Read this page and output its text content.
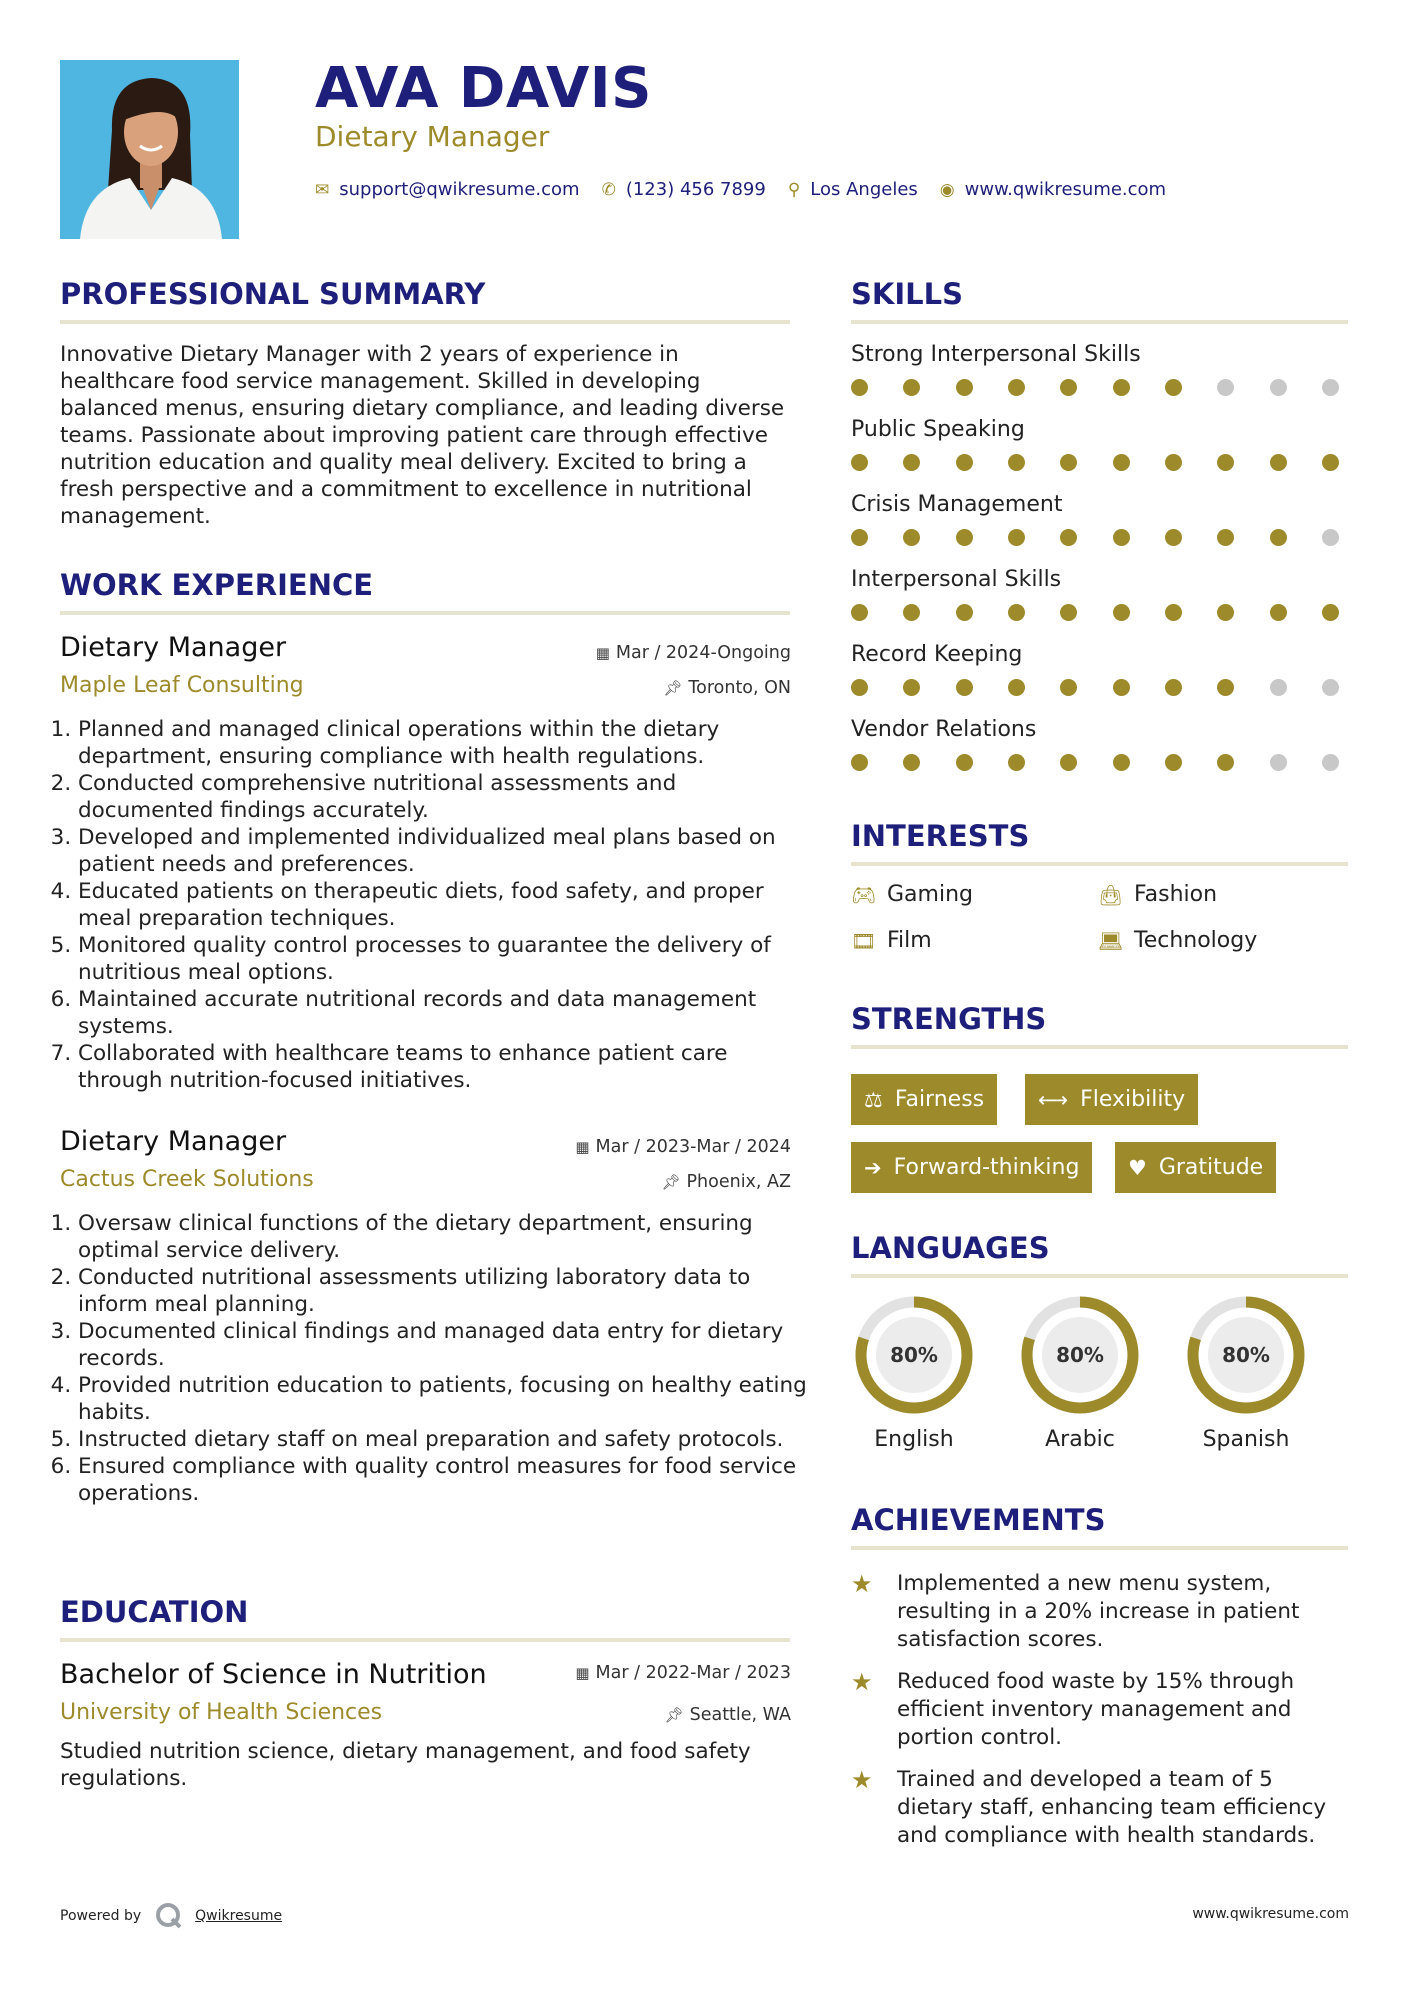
AVA DAVIS
Dietary Manager
✉ support@qwikresume.com ✆ (123) 456 7899 ⚲ Los Angeles ◉ www.qwikresume.com
PROFESSIONAL SUMMARY
Innovative Dietary Manager with 2 years of experience in healthcare food service management. Skilled in developing balanced menus, ensuring dietary compliance, and leading diverse teams. Passionate about improving patient care through effective nutrition education and quality meal delivery. Excited to bring a fresh perspective and a commitment to excellence in nutritional management.
WORK EXPERIENCE
Dietary Manager
Maple Leaf Consulting
▦ Mar / 2024-Ongoing
📌︎ Toronto, ON
1. Planned and managed clinical operations within the dietary department, ensuring compliance with health regulations.
2. Conducted comprehensive nutritional assessments and documented findings accurately.
3. Developed and implemented individualized meal plans based on patient needs and preferences.
4. Educated patients on therapeutic diets, food safety, and proper meal preparation techniques.
5. Monitored quality control processes to guarantee the delivery of nutritious meal options.
6. Maintained accurate nutritional records and data management systems.
7. Collaborated with healthcare teams to enhance patient care through nutrition-focused initiatives.
Dietary Manager
Cactus Creek Solutions
▦ Mar / 2023-Mar / 2024
📌︎ Phoenix, AZ
1. Oversaw clinical functions of the dietary department, ensuring optimal service delivery.
2. Conducted nutritional assessments utilizing laboratory data to inform meal planning.
3. Documented clinical findings and managed data entry for dietary records.
4. Provided nutrition education to patients, focusing on healthy eating habits.
5. Instructed dietary staff on meal preparation and safety protocols.
6. Ensured compliance with quality control measures for food service operations.
EDUCATION
Bachelor of Science in Nutrition
University of Health Sciences
▦ Mar / 2022-Mar / 2023
📌︎ Seattle, WA
Studied nutrition science, dietary management, and food safety regulations.
SKILLS
Strong Interpersonal Skills
Public Speaking
Crisis Management
Interpersonal Skills
Record Keeping
Vendor Relations
INTERESTS
🎮︎ Gaming	👜︎ Fashion
🎞︎ Film	💻︎ Technology
STRENGTHS
⚖ Fairness	⟷ Flexibility
➔ Forward-thinking ♥ Gratitude
LANGUAGES
80%
English
80%
Arabic
80%
Spanish
ACHIEVEMENTS
★	Implemented a new menu system, resulting in a 20% increase in patient satisfaction scores.
★	Reduced food waste by 15% through efficient inventory management and portion control.
★	Trained and developed a team of 5 dietary staff, enhancing team efficiency and compliance with health standards.
Powered by	Qwikresume	www.qwikresume.com
